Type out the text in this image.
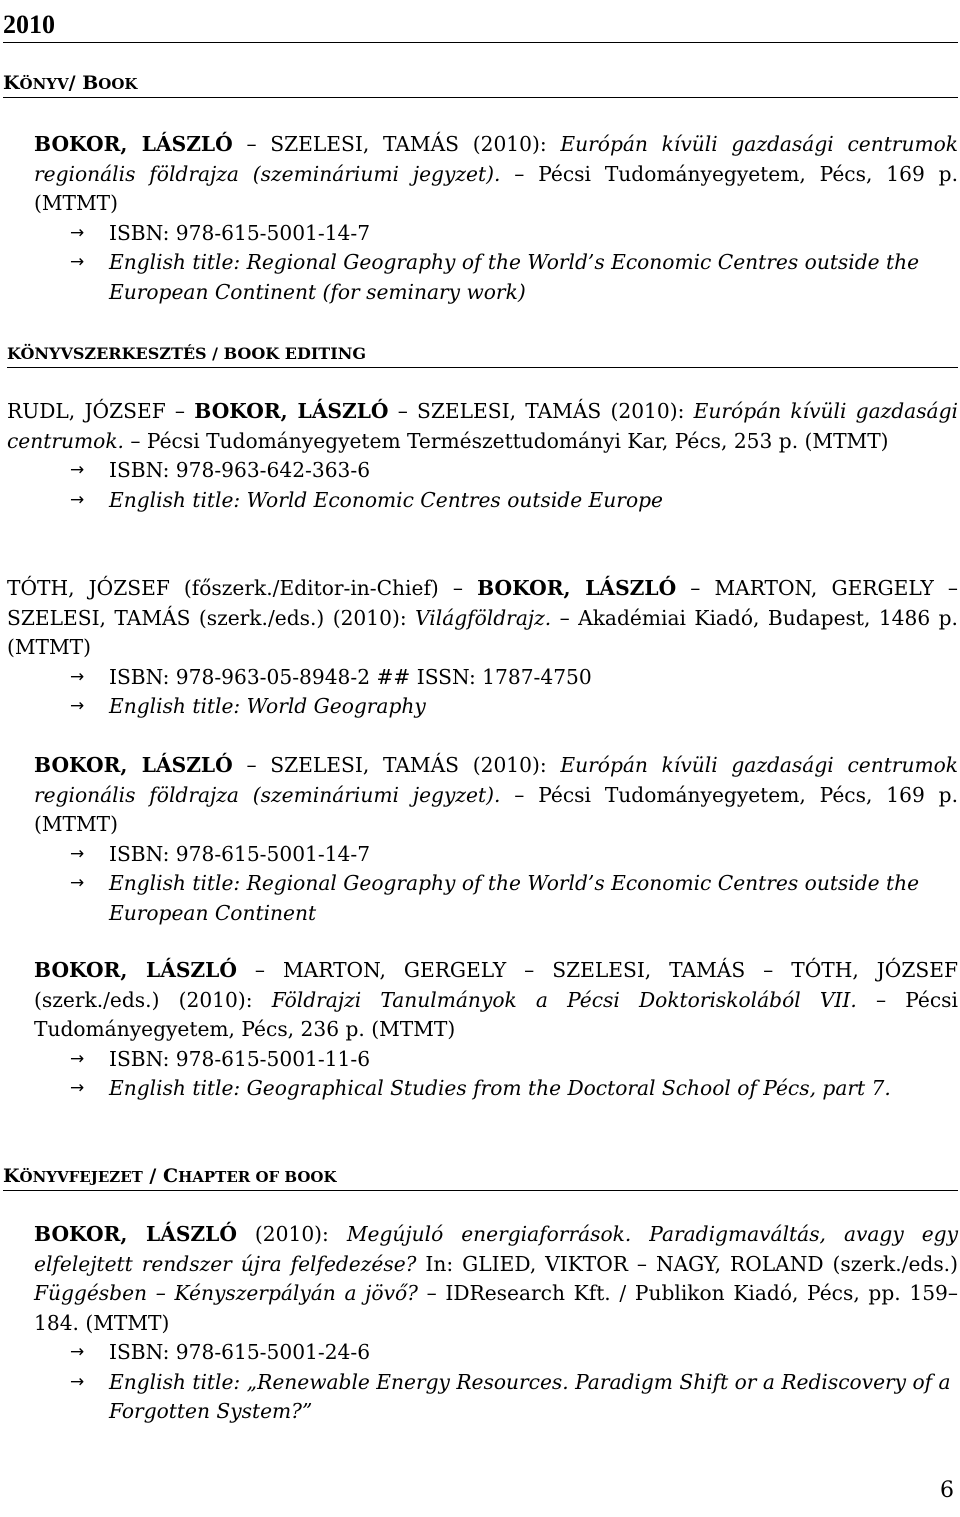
2010
KÖNYV/ BOOK

BOKOR, LÁSZLÓ – SZELESI, TAMÁS (2010): Európán kívüli gazdasági centrumok regionális földrajza (szemináriumi jegyzet). – Pécsi Tudományegyetem, Pécs, 169 p. (MTMT)

→ ISBN: 978-615-5001-14-7

→ English title: Regional Geography of the World’s Economic Centres outside the European Continent (for seminary work)

KÖNYVSZERKESZTÉS / BOOK EDITING

RUDL, JÓZSEF – BOKOR, LÁSZLÓ – SZELESI, TAMÁS (2010): Európán kívüli gazdasági centrumok. – Pécsi Tudományegyetem Természettudományi Kar, Pécs, 253 p. (MTMT)

→ ISBN: 978-963-642-363-6

→ English title: World Economic Centres outside Europe

TÓTH, JÓZSEF (főszerk./Editor-in-Chief) – BOKOR, LÁSZLÓ – MARTON, GERGELY – SZELESI, TAMÁS (szerk./eds.) (2010): Világföldrajz. – Akadémiai Kiadó, Budapest, 1486 p. (MTMT)

→ ISBN: 978-963-05-8948-2 ## ISSN: 1787-4750

→ English title: World Geography

BOKOR, LÁSZLÓ – SZELESI, TAMÁS (2010): Európán kívüli gazdasági centrumok regionális földrajza (szemináriumi jegyzet). – Pécsi Tudományegyetem, Pécs, 169 p. (MTMT)

→ ISBN: 978-615-5001-14-7

→ English title: Regional Geography of the World’s Economic Centres outside the European Continent

BOKOR, LÁSZLÓ – MARTON, GERGELY – SZELESI, TAMÁS – TÓTH, JÓZSEF (szerk./eds.) (2010): Földrajzi Tanulmányok a Pécsi Doktoriskolából VII. – Pécsi Tudományegyetem, Pécs, 236 p. (MTMT)

→ ISBN: 978-615-5001-11-6

→ English title: Geographical Studies from the Doctoral School of Pécs, part 7.

KÖNYVFEJEZET / CHAPTER OF BOOK

BOKOR, LÁSZLÓ (2010): Megújuló energiaforrások. Paradigmaváltás, avagy egy elfelejtett rendszer újra felfedezése? In: GLIED, VIKTOR – NAGY, ROLAND (szerk./eds.) Függésben – Kényszerpályán a jövő? – IDResearch Kft. / Publikon Kiadó, Pécs, pp. 159–184. (MTMT)

→ ISBN: 978-615-5001-24-6

→ English title: „Renewable Energy Resources. Paradigm Shift or a Rediscovery of a Forgotten System?”

6
